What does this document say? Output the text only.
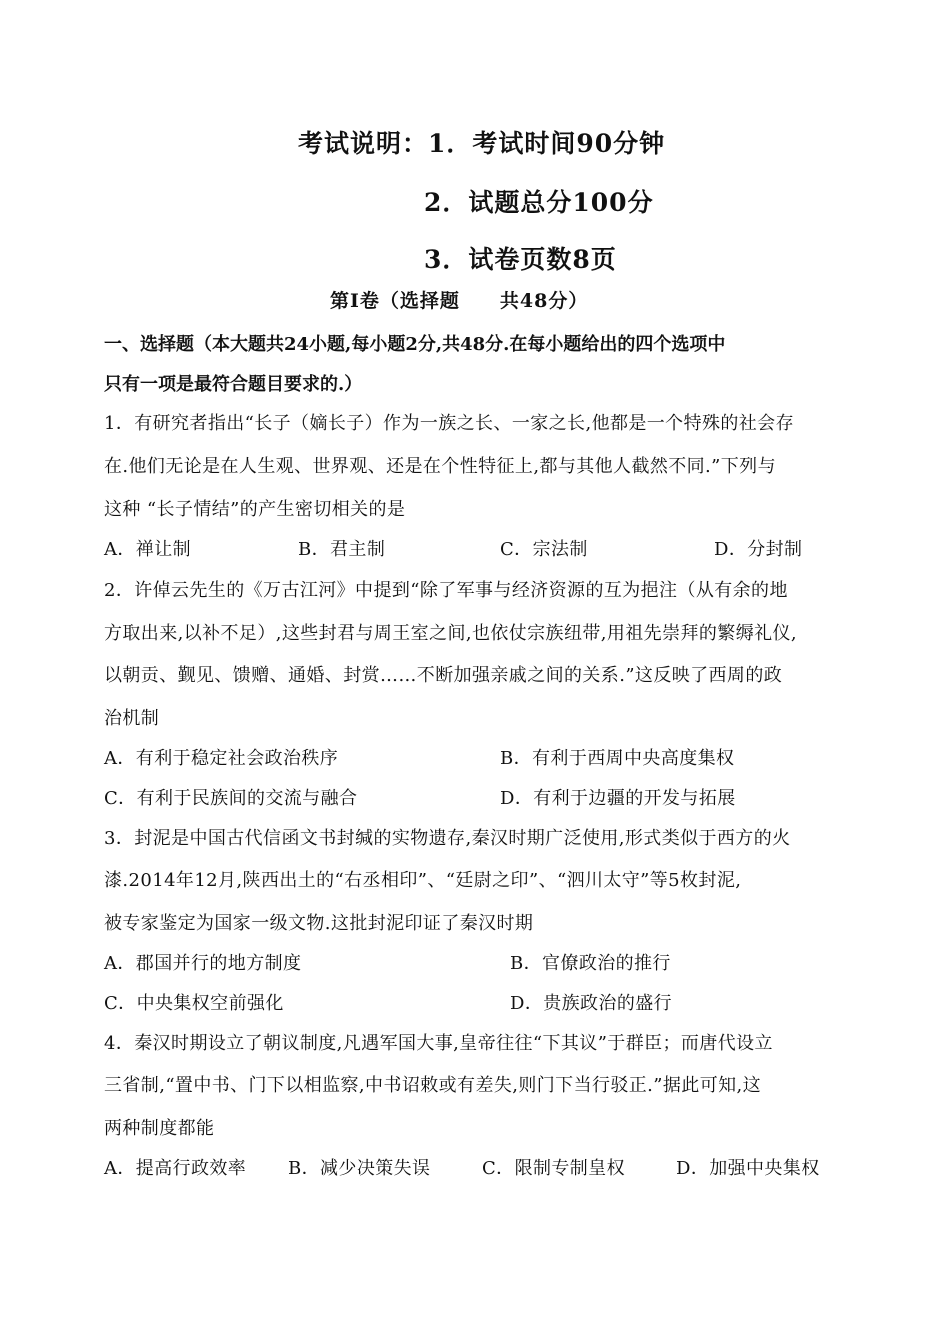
考试说明：1．考试时间90分钟
2．试题总分100分
3．试卷页数8页
第Ⅰ卷（选择题　　共48分）
一、选择题（本大题共24小题,每小题2分,共48分.在每小题给出的四个选项中
只有一项是最符合题目要求的.）
1．有研究者指出“长子（嫡长子）作为一族之长、一家之长,他都是一个特殊的社会存
在.他们无论是在人生观、世界观、还是在个性特征上,都与其他人截然不同.”下列与
这种 “长子情结”的产生密切相关的是
A．禅让制	B．君主制	C．宗法制	D．分封制
2．许倬云先生的《万古江河》中提到“除了军事与经济资源的互为挹注（从有余的地
方取出来,以补不足）,这些封君与周王室之间,也依仗宗族纽带,用祖先崇拜的繁缛礼仪,
以朝贡、觐见、馈赠、通婚、封赏……不断加强亲戚之间的关系.”这反映了西周的政
治机制
A．有利于稳定社会政治秩序	B．有利于西周中央高度集权
C．有利于民族间的交流与融合	D．有利于边疆的开发与拓展
3．封泥是中国古代信函文书封缄的实物遗存,秦汉时期广泛使用,形式类似于西方的火
漆.2014年12月,陕西出土的“右丞相印”、“廷尉之印”、“泗川太守”等5枚封泥,
被专家鉴定为国家一级文物.这批封泥印证了秦汉时期
A．郡国并行的地方制度	B．官僚政治的推行
C．中央集权空前强化	D．贵族政治的盛行
4．秦汉时期设立了朝议制度,凡遇军国大事,皇帝往往“下其议”于群臣；而唐代设立
三省制,“置中书、门下以相监察,中书诏敕或有差失,则门下当行驳正.”据此可知,这
两种制度都能
A．提高行政效率 B．减少决策失误	C．限制专制皇权	D．加强中央集权
